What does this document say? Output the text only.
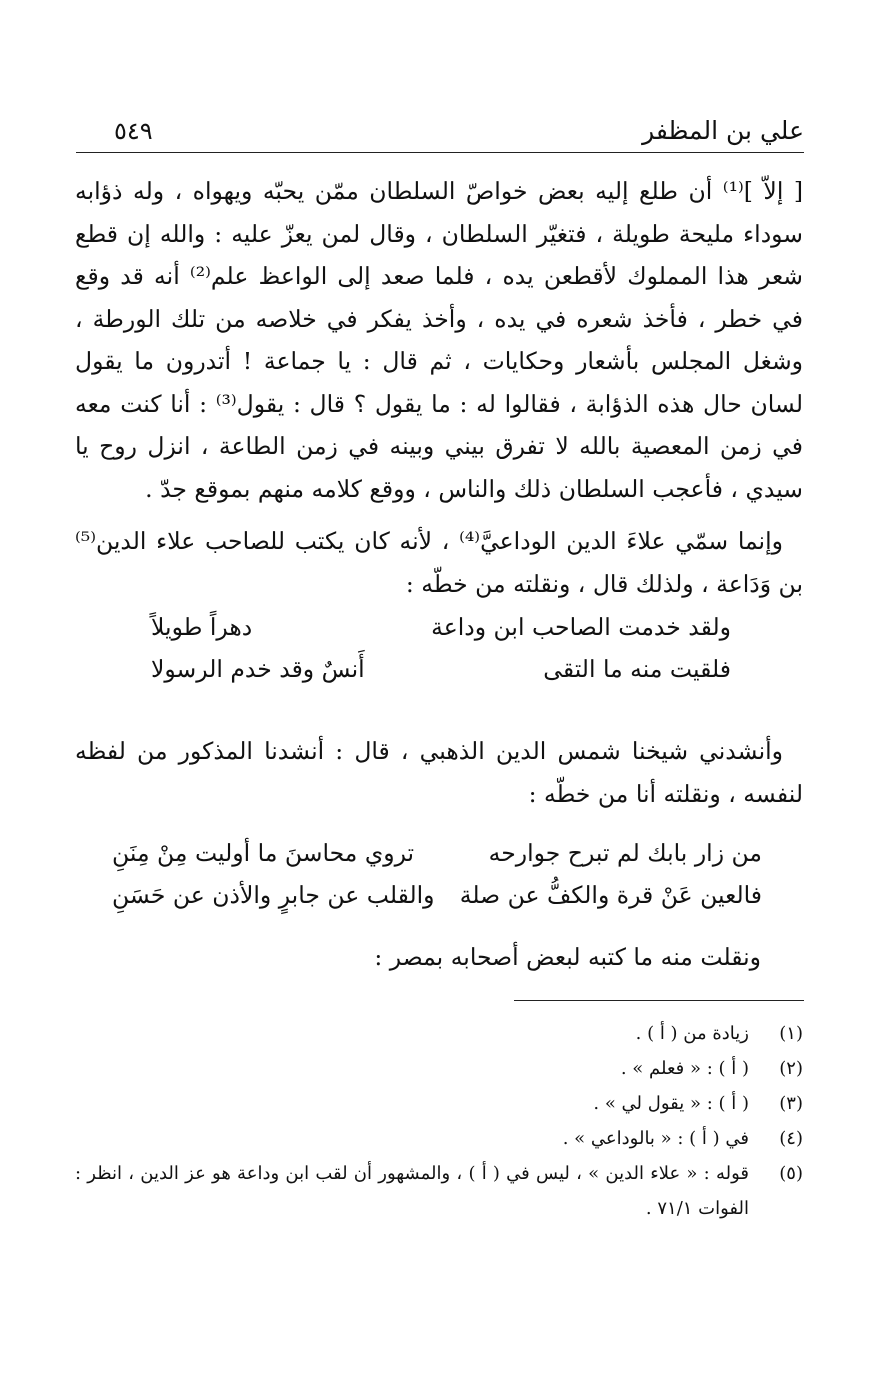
علي بن المظفر
٥٤٩

[ إلاّ ]⁽¹⁾ أن طلع إليه بعض خواصّ السلطان ممّن يحبّه ويهواه ، وله ذؤابه سوداء مليحة طويلة ، فتغيّر السلطان ، وقال لمن يعزّ عليه : والله إن قطع شعر هذا المملوك لأقطعن يده ، فلما صعد إلى الواعظ علم⁽²⁾ أنه قد وقع في خطر ، فأخذ شعره في يده ، وأخذ يفكر في خلاصه من تلك الورطة ، وشغل المجلس بأشعار وحكايات ، ثم قال : يا جماعة ! أتدرون ما يقول لسان حال هذه الذؤابة ، فقالوا له : ما يقول ؟ قال : يقول⁽³⁾ : أنا كنت معه في زمن المعصية بالله لا تفرق بيني وبينه في زمن الطاعة ، انزل روح يا سيدي ، فأعجب السلطان ذلك والناس ، ووقع كلامه منهم بموقع جدّ .

وإنما سمّي علاءَ الدين الوداعيَّ⁽⁴⁾ ، لأنه كان يكتب للصاحب علاء الدين⁽⁵⁾ بن وَدَاعة ، ولذلك قال ، ونقلته من خطّه :

ولقد خدمت الصاحب ابن وداعة
دهراً طويلاً
فلقيت منه ما التقى
أَنسٌ وقد خدم الرسولا

وأنشدني شيخنا شمس الدين الذهبي ، قال : أنشدنا المذكور من لفظه لنفسه ، ونقلته أنا من خطّه :

من زار بابك لم تبرح جوارحه
تروي محاسنَ ما أوليت مِنْ مِنَنِ
فالعين عَنْ قرة والكفُّ عن صلة
والقلب عن جابرٍ والأذن عن حَسَنِ

ونقلت منه ما كتبه لبعض أصحابه بمصر :

(١)
زيادة من ( أ ) .
(٢)
( أ ) : « فعلم » .
(٣)
( أ ) : « يقول لي » .
(٤)
في ( أ ) : « بالوداعي » .
(٥)
قوله : « علاء الدين » ، ليس في ( أ ) ، والمشهور أن لقب ابن وداعة هو عز الدين ، انظر : الفوات ٧١/١ .
